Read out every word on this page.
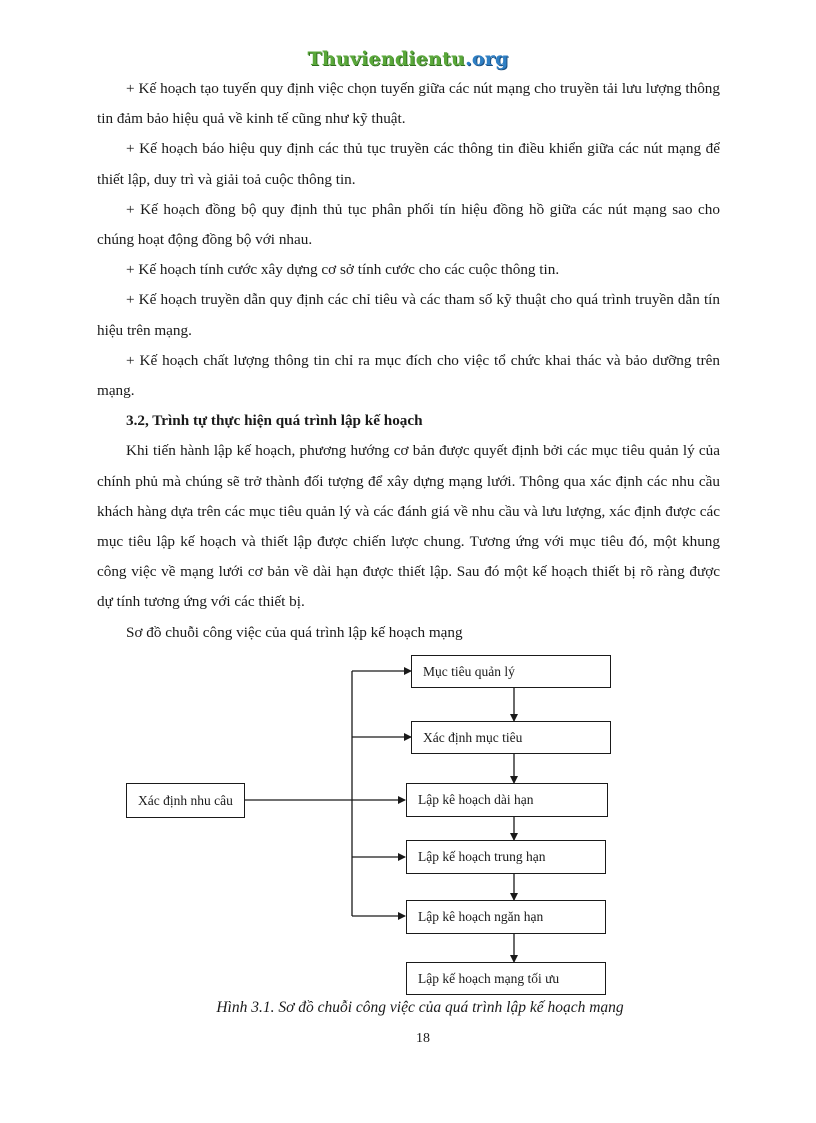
Thuviendientu.org

+ Kế hoạch tạo tuyến quy định việc chọn tuyến giữa các nút mạng cho truyền tải lưu lượng thông tin đảm bảo hiệu quả về kinh tế cũng như kỹ thuật.

+ Kế hoạch báo hiệu quy định các thủ tục truyền các thông tin điều khiển giữa các nút mạng để thiết lập, duy trì và giải toả cuộc thông tin.

+ Kế hoạch đồng bộ quy định thủ tục phân phối tín hiệu đồng hồ giữa các nút mạng sao cho chúng hoạt động đồng bộ với nhau.

+ Kế hoạch tính cước xây dựng cơ sở tính cước cho các cuộc thông tin.

+ Kế hoạch truyền dẫn quy định các chỉ tiêu và các tham số kỹ thuật cho quá trình truyền dẫn tín hiệu trên mạng.

+ Kế hoạch chất lượng thông tin chỉ ra mục đích cho việc tổ chức khai thác và bảo dưỡng trên mạng.

3.2, Trình tự thực hiện quá trình lập kế hoạch

Khi tiến hành lập kế hoạch, phương hướng cơ bản được quyết định bởi các mục tiêu quản lý của chính phủ mà chúng sẽ trở thành đối tượng để xây dựng mạng lưới. Thông qua xác định các nhu cầu khách hàng dựa trên các mục tiêu quản lý và các đánh giá về nhu cầu và lưu lượng, xác định được các mục tiêu lập kế hoạch và thiết lập được chiến lược chung. Tương ứng với mục tiêu đó, một khung công việc về mạng lưới cơ bản về dài hạn được thiết lập. Sau đó một kế hoạch thiết bị rõ ràng được dự tính tương ứng với các thiết bị.

Sơ đồ chuỗi công việc của quá trình lập kế hoạch mạng

Xác định nhu câu
Mục tiêu quản lý
Xác định mục tiêu
Lập kê hoạch dài hạn
Lập kế hoạch trung hạn
Lập kê hoạch ngăn hạn
Lập kế hoạch mạng tối ưu
Hình 3.1. Sơ đồ chuỗi công việc của quá trình lập kế hoạch mạng
18
